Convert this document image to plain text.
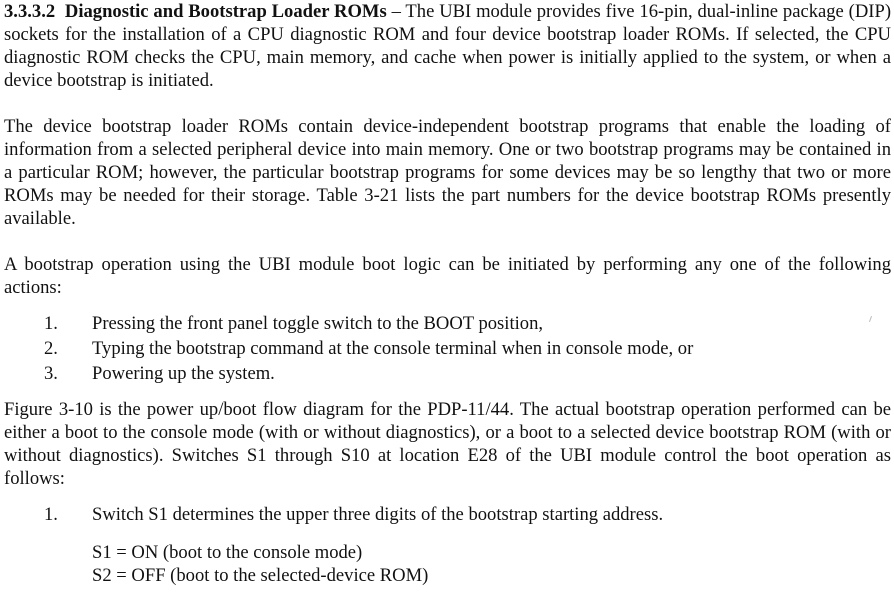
3.3.3.2 Diagnostic and Bootstrap Loader ROMs – The UBI module provides five 16-pin, dual-inline package (DIP) sockets for the installation of a CPU diagnostic ROM and four device bootstrap loader ROMs. If selected, the CPU diagnostic ROM checks the CPU, main memory, and cache when power is initially applied to the system, or when a device bootstrap is initiated.

The device bootstrap loader ROMs contain device-independent bootstrap programs that enable the loading of information from a selected peripheral device into main memory. One or two bootstrap programs may be contained in a particular ROM; however, the particular bootstrap programs for some devices may be so lengthy that two or more ROMs may be needed for their storage. Table 3-21 lists the part numbers for the device bootstrap ROMs presently available.

A bootstrap operation using the UBI module boot logic can be initiated by performing any one of the following actions:

1.	Pressing the front panel toggle switch to the BOOT position,
2.	Typing the bootstrap command at the console terminal when in console mode, or
3.	Powering up the system.

Figure 3-10 is the power up/boot flow diagram for the PDP-11/44. The actual bootstrap operation performed can be either a boot to the console mode (with or without diagnostics), or a boot to a selected device bootstrap ROM (with or without diagnostics). Switches S1 through S10 at location E28 of the UBI module control the boot operation as follows:

1.	Switch S1 determines the upper three digits of the bootstrap starting address.
S1 = ON (boot to the console mode)
S2 = OFF (boot to the selected-device ROM)
